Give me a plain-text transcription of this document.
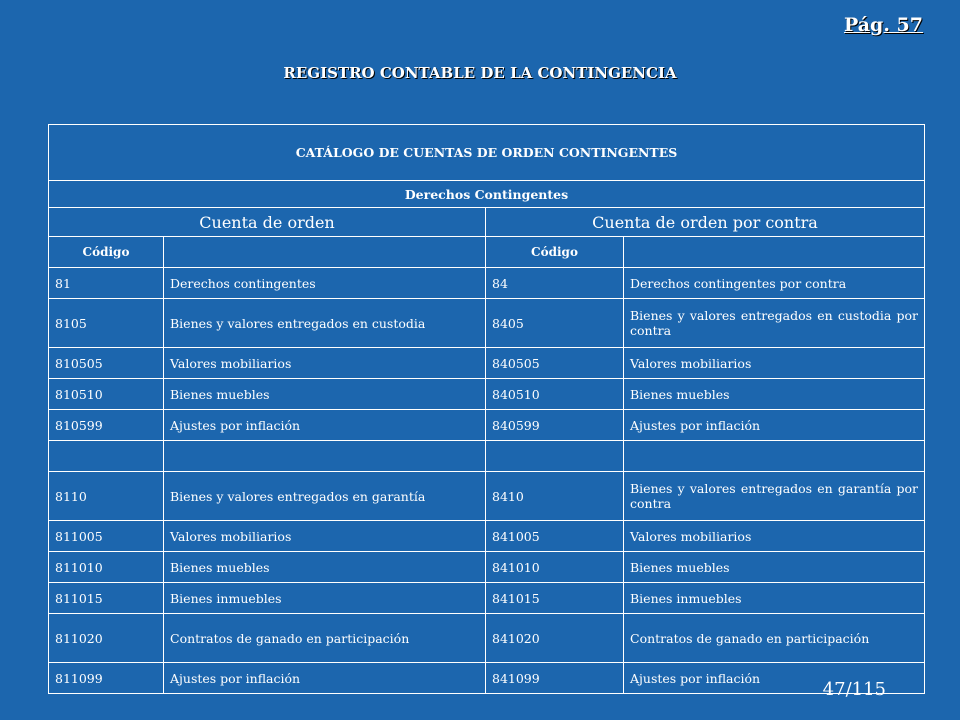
Pág. 57
REGISTRO CONTABLE DE LA CONTINGENCIA
CATÁLOGO DE CUENTAS DE ORDEN CONTINGENTES			
Derechos Contingentes			
Cuenta de orden		Cuenta de orden por contra	
Código		Código	
81	Derechos contingentes	84	Derechos contingentes por contra
8105	Bienes y valores entregados en custodia	8405	Bienes y valores entregados en custodia por contra
810505	Valores mobiliarios	840505	Valores mobiliarios
810510	Bienes muebles	840510	Bienes muebles
810599	Ajustes por inflación	840599	Ajustes por inflación

8110	Bienes y valores entregados en garantía	8410	Bienes y valores entregados en garantía por contra
811005	Valores mobiliarios	841005	Valores mobiliarios
811010	Bienes muebles	841010	Bienes muebles
811015	Bienes inmuebles	841015	Bienes inmuebles
811020	Contratos de ganado en participación	841020	Contratos de ganado en participación
811099	Ajustes por inflación	841099	Ajustes por inflación
47/115
